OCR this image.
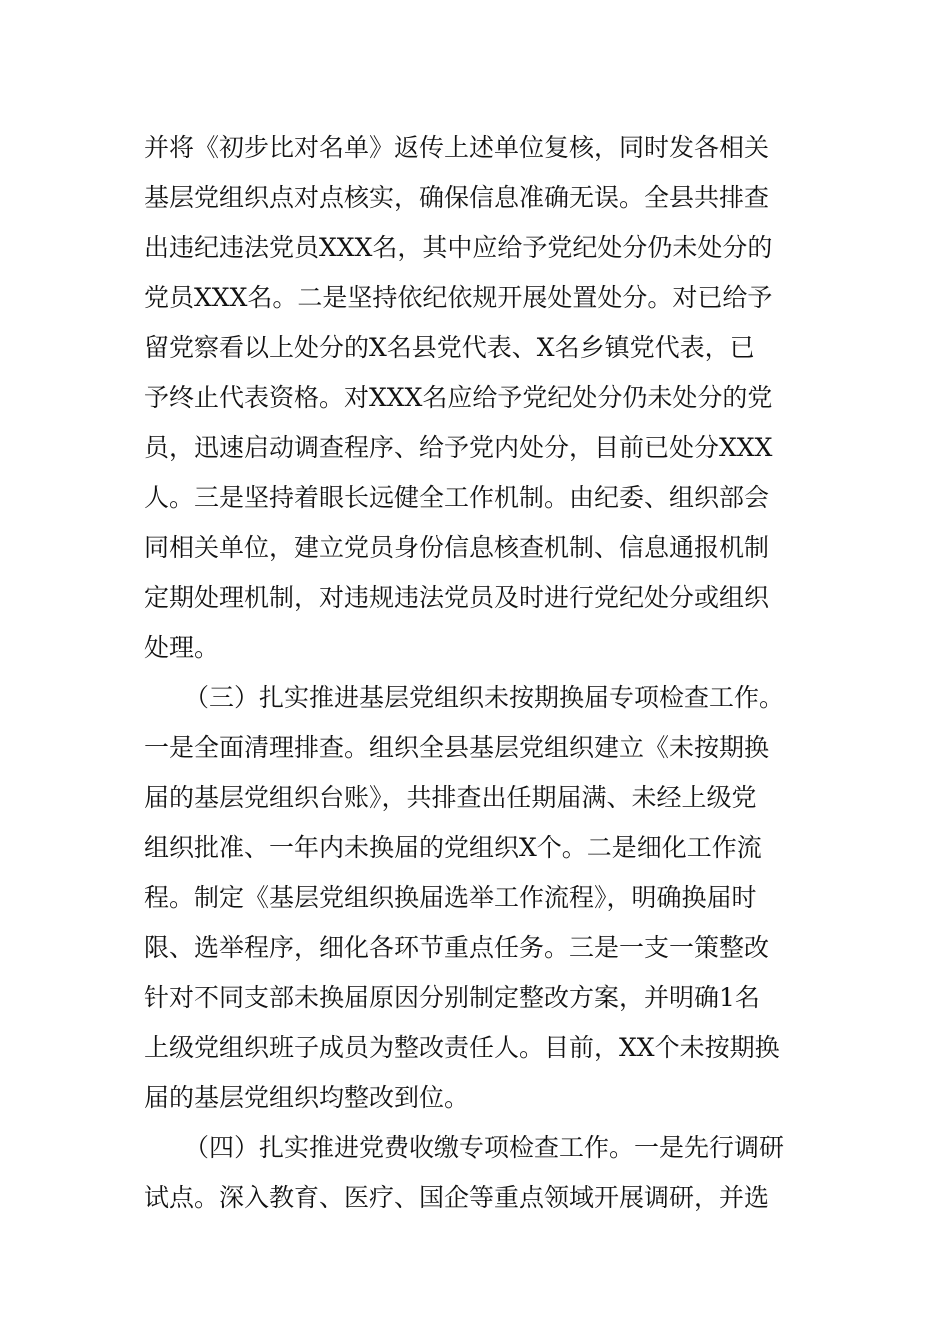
并将《初步比对名单》返传上述单位复核，同时发各相关
基层党组织点对点核实，确保信息准确无误。全县共排查
出违纪违法党员XXX名，其中应给予党纪处分仍未处分的
党员XXX名。二是坚持依纪依规开展处置处分。对已给予
留党察看以上处分的X名县党代表、X名乡镇党代表，已
予终止代表资格。对XXX名应给予党纪处分仍未处分的党
员，迅速启动调查程序、给予党内处分，目前已处分XXX
人。三是坚持着眼长远健全工作机制。由纪委、组织部会
同相关单位，建立党员身份信息核查机制、信息通报机制
定期处理机制，对违规违法党员及时进行党纪处分或组织
处理。
（三）扎实推进基层党组织未按期换届专项检查工作。
一是全面清理排查。组织全县基层党组织建立《未按期换
届的基层党组织台账》，共排查出任期届满、未经上级党
组织批准、一年内未换届的党组织X个。二是细化工作流
程。制定《基层党组织换届选举工作流程》，明确换届时
限、选举程序，细化各环节重点任务。三是一支一策整改
针对不同支部未换届原因分别制定整改方案，并明确1名
上级党组织班子成员为整改责任人。目前，XX个未按期换
届的基层党组织均整改到位。
（四）扎实推进党费收缴专项检查工作。一是先行调研
试点。深入教育、医疗、国企等重点领域开展调研，并选
